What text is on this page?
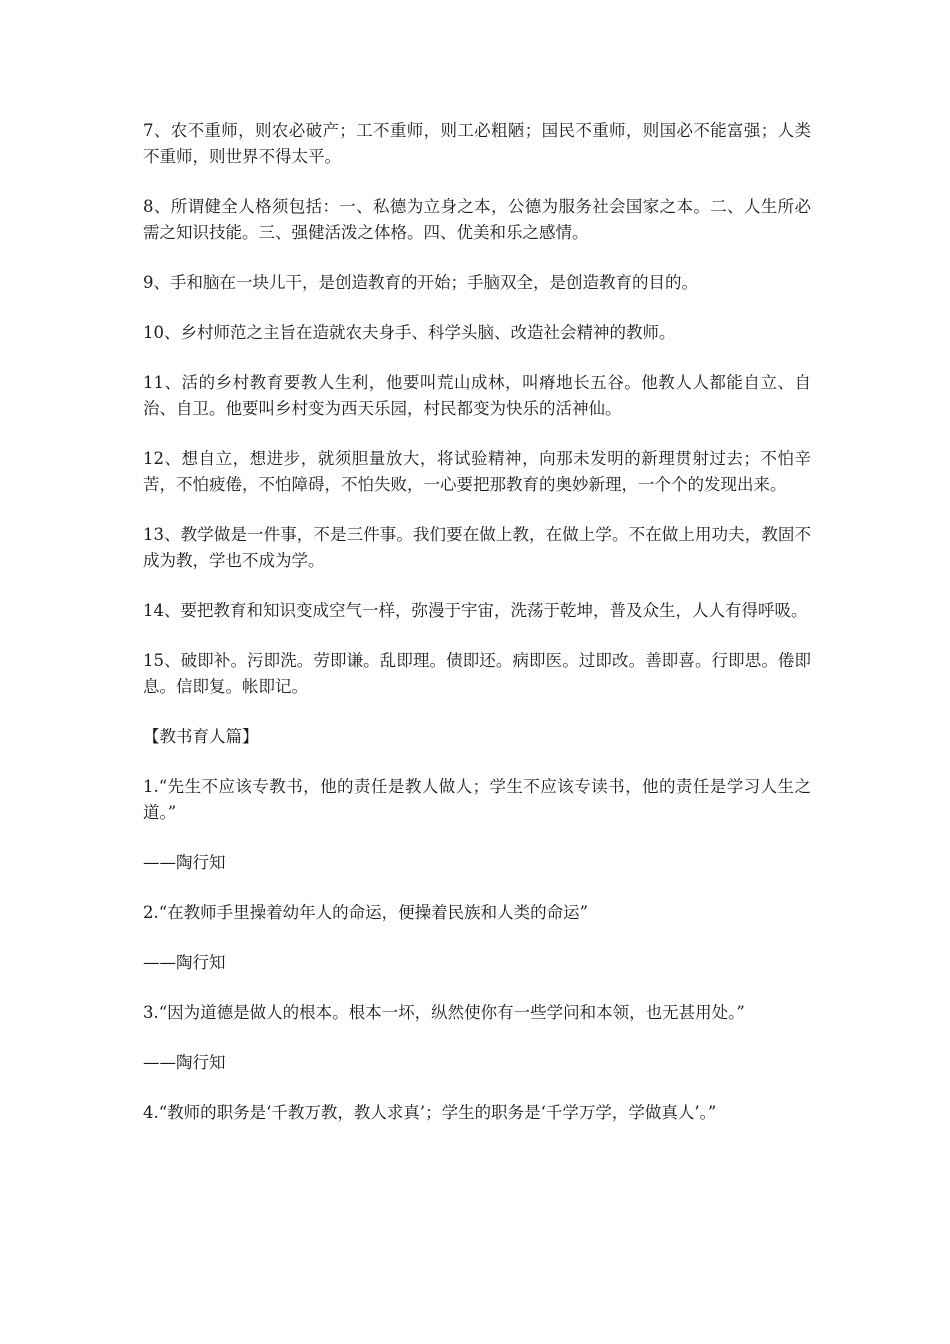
7、农不重师，则农必破产；工不重师，则工必粗陋；国民不重师，则国必不能富强；人类不重师，则世界不得太平。

8、所谓健全人格须包括：一、私德为立身之本，公德为服务社会国家之本。二、人生所必需之知识技能。三、强健活泼之体格。四、优美和乐之感情。

9、手和脑在一块儿干，是创造教育的开始；手脑双全，是创造教育的目的。

10、乡村师范之主旨在造就农夫身手、科学头脑、改造社会精神的教师。

11、活的乡村教育要教人生利，他要叫荒山成林，叫瘠地长五谷。他教人人都能自立、自治、自卫。他要叫乡村变为西天乐园，村民都变为快乐的活神仙。

12、想自立，想进步，就须胆量放大，将试验精神，向那未发明的新理贯射过去；不怕辛苦，不怕疲倦，不怕障碍，不怕失败，一心要把那教育的奥妙新理，一个个的发现出来。

13、教学做是一件事，不是三件事。我们要在做上教，在做上学。不在做上用功夫，教固不成为教，学也不成为学。

14、要把教育和知识变成空气一样，弥漫于宇宙，洗荡于乾坤，普及众生，人人有得呼吸。

15、破即补。污即洗。劳即谦。乱即理。债即还。病即医。过即改。善即喜。行即思。倦即息。信即复。帐即记。

【教书育人篇】

1.“先生不应该专教书，他的责任是教人做人；学生不应该专读书，他的责任是学习人生之道。”

——陶行知

2.“在教师手里操着幼年人的命运，便操着民族和人类的命运”

——陶行知

3.“因为道德是做人的根本。根本一坏，纵然使你有一些学问和本领，也无甚用处。”

——陶行知

4.“教师的职务是‘千教万教，教人求真’；学生的职务是‘千学万学，学做真人’。”
